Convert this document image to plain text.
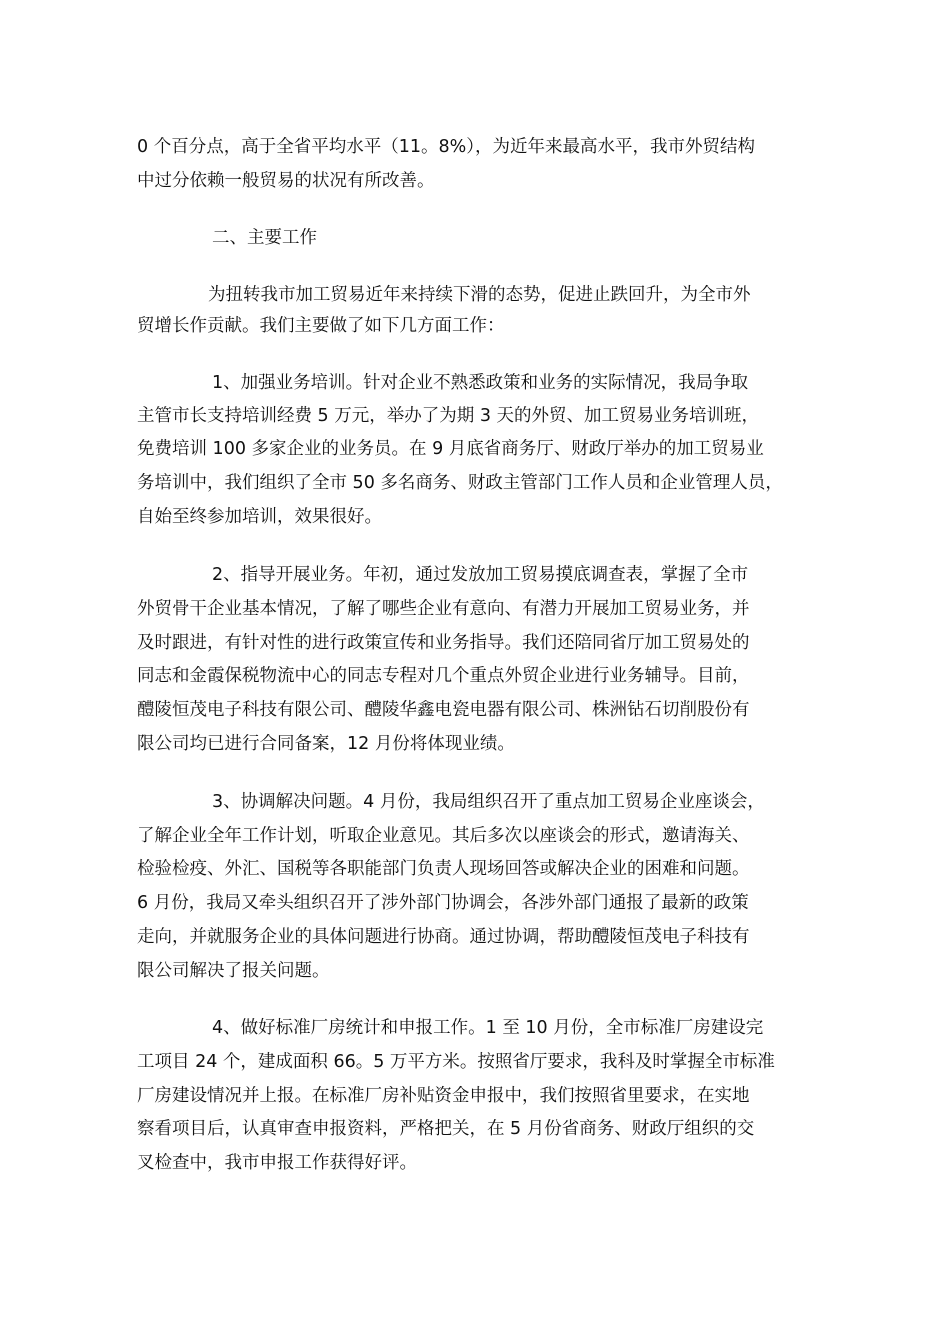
0 个百分点，高于全省平均水平（11。8%），为近年来最高水平，我市外贸结构
中过分依赖一般贸易的状况有所改善。
二、主要工作
为扭转我市加工贸易近年来持续下滑的态势，促进止跌回升，为全市外
贸增长作贡献。我们主要做了如下几方面工作：
1、加强业务培训。针对企业不熟悉政策和业务的实际情况，我局争取
主管市长支持培训经费 5 万元，举办了为期 3 天的外贸、加工贸易业务培训班，
免费培训 100 多家企业的业务员。在 9 月底省商务厅、财政厅举办的加工贸易业
务培训中，我们组织了全市 50 多名商务、财政主管部门工作人员和企业管理人员，
自始至终参加培训，效果很好。
2、指导开展业务。年初，通过发放加工贸易摸底调查表，掌握了全市
外贸骨干企业基本情况，了解了哪些企业有意向、有潜力开展加工贸易业务，并
及时跟进，有针对性的进行政策宣传和业务指导。我们还陪同省厅加工贸易处的
同志和金霞保税物流中心的同志专程对几个重点外贸企业进行业务辅导。目前，
醴陵恒茂电子科技有限公司、醴陵华鑫电瓷电器有限公司、株洲钻石切削股份有
限公司均已进行合同备案，12 月份将体现业绩。
3、协调解决问题。4 月份，我局组织召开了重点加工贸易企业座谈会，
了解企业全年工作计划，听取企业意见。其后多次以座谈会的形式，邀请海关、
检验检疫、外汇、国税等各职能部门负责人现场回答或解决企业的困难和问题。
6 月份，我局又牵头组织召开了涉外部门协调会，各涉外部门通报了最新的政策
走向，并就服务企业的具体问题进行协商。通过协调，帮助醴陵恒茂电子科技有
限公司解决了报关问题。
4、做好标准厂房统计和申报工作。1 至 10 月份，全市标准厂房建设完
工项目 24 个，建成面积 66。5 万平方米。按照省厅要求，我科及时掌握全市标准
厂房建设情况并上报。在标准厂房补贴资金申报中，我们按照省里要求，在实地
察看项目后，认真审查申报资料，严格把关，在 5 月份省商务、财政厅组织的交
叉检查中，我市申报工作获得好评。
